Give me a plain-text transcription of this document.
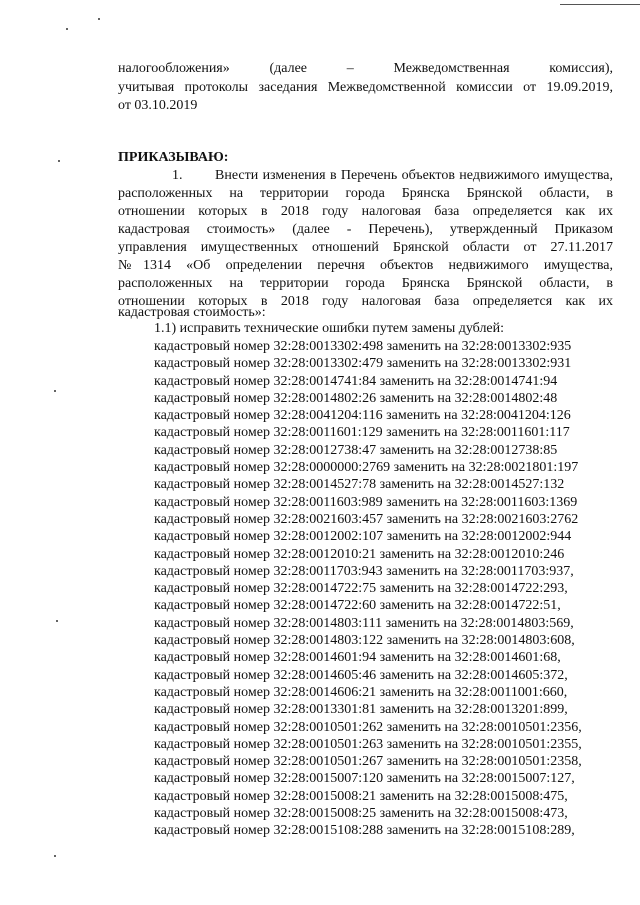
налогообложения» (далее – Межведомственная комиссия),
учитывая протоколы заседания Межведомственной комиссии от 19.09.2019,
от 03.10.2019
ПРИКАЗЫВАЮ:
1. Внести изменения в Перечень объектов недвижимого имущества,
расположенных на территории города Брянска Брянской области, в
отношении которых в 2018 году налоговая база определяется как их
кадастровая стоимость» (далее - Перечень), утвержденный Приказом
управления имущественных отношений Брянской области от 27.11.2017
№1314 «Об определении перечня объектов недвижимого имущества,
расположенных на территории города Брянска Брянской области, в
отношении которых в 2018 году налоговая база определяется как их
кадастровая стоимость»:
1.1) исправить технические ошибки путем замены дублей:
кадастровый номер 32:28:0013302:498 заменить на 32:28:0013302:935
кадастровый номер 32:28:0013302:479 заменить на 32:28:0013302:931
кадастровый номер 32:28:0014741:84 заменить на 32:28:0014741:94
кадастровый номер 32:28:0014802:26 заменить на 32:28:0014802:48
кадастровый номер 32:28:0041204:116 заменить на 32:28:0041204:126
кадастровый номер 32:28:0011601:129 заменить на 32:28:0011601:117
кадастровый номер 32:28:0012738:47 заменить на 32:28:0012738:85
кадастровый номер 32:28:0000000:2769 заменить на 32:28:0021801:197
кадастровый номер 32:28:0014527:78 заменить на 32:28:0014527:132
кадастровый номер 32:28:0011603:989 заменить на 32:28:0011603:1369
кадастровый номер 32:28:0021603:457 заменить на 32:28:0021603:2762
кадастровый номер 32:28:0012002:107 заменить на 32:28:0012002:944
кадастровый номер 32:28:0012010:21 заменить на 32:28:0012010:246
кадастровый номер 32:28:0011703:943 заменить на 32:28:0011703:937,
кадастровый номер 32:28:0014722:75 заменить на 32:28:0014722:293,
кадастровый номер 32:28:0014722:60 заменить на 32:28:0014722:51,
кадастровый номер 32:28:0014803:111 заменить на 32:28:0014803:569,
кадастровый номер 32:28:0014803:122 заменить на 32:28:0014803:608,
кадастровый номер 32:28:0014601:94 заменить на 32:28:0014601:68,
кадастровый номер 32:28:0014605:46 заменить на 32:28:0014605:372,
кадастровый номер 32:28:0014606:21 заменить на 32:28:0011001:660,
кадастровый номер 32:28:0013301:81 заменить на 32:28:0013201:899,
кадастровый номер 32:28:0010501:262 заменить на 32:28:0010501:2356,
кадастровый номер 32:28:0010501:263 заменить на 32:28:0010501:2355,
кадастровый номер 32:28:0010501:267 заменить на 32:28:0010501:2358,
кадастровый номер 32:28:0015007:120 заменить на 32:28:0015007:127,
кадастровый номер 32:28:0015008:21 заменить на 32:28:0015008:475,
кадастровый номер 32:28:0015008:25 заменить на 32:28:0015008:473,
кадастровый номер 32:28:0015108:288 заменить на 32:28:0015108:289,
